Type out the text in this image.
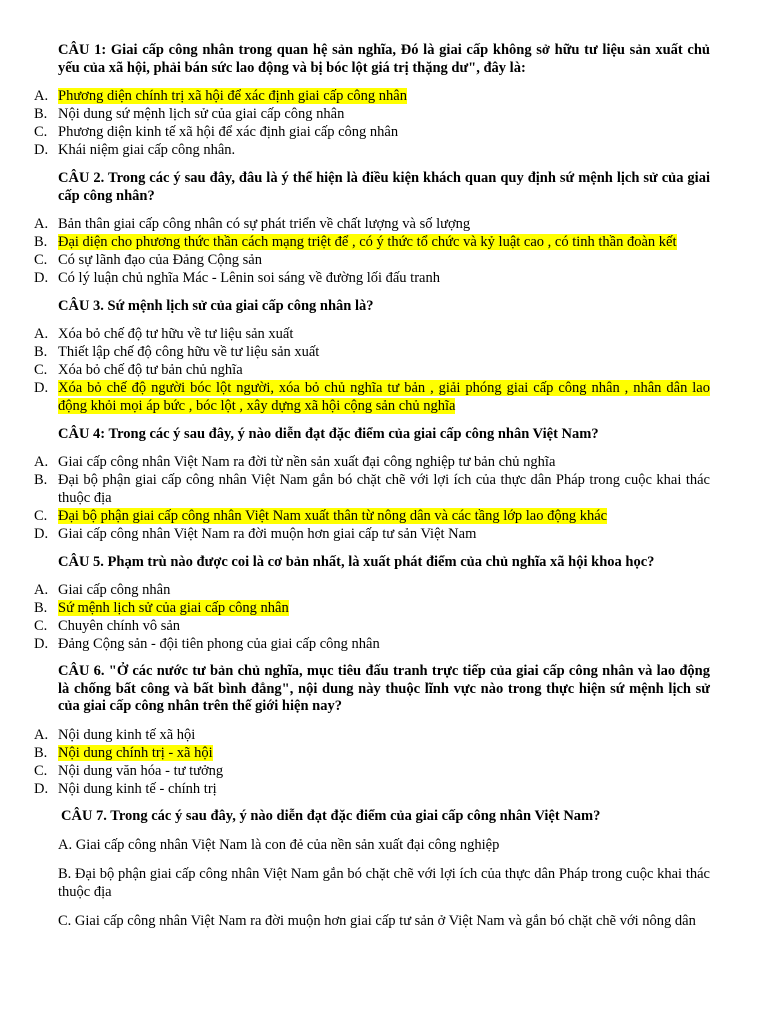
CÂU 1: Giai cấp công nhân trong quan hệ sản nghĩa, Đó là giai cấp không sở hữu tư liệu sản xuất chủ yếu của xã hội, phải bán sức lao động và bị bóc lột giá trị thặng dư", đây là:
A. Phương diện chính trị xã hội để xác định giai cấp công nhân
B. Nội dung sứ mệnh lịch sử của giai cấp công nhân
C. Phương diện kinh tế xã hội để xác định giai cấp công nhân
D. Khái niệm giai cấp công nhân.
CÂU 2. Trong các ý sau đây, đâu là ý thể hiện là điều kiện khách quan quy định sứ mệnh lịch sử của giai cấp công nhân?
A. Bản thân giai cấp công nhân có sự phát triển về chất lượng và số lượng
B. Đại diện cho phương thức thần cách mạng triệt để , có ý thức tổ chức và kỷ luật cao , có tinh thần đoàn kết
C. Có sự lãnh đạo của Đảng Cộng sản
D. Có lý luận chủ nghĩa Mác - Lênin soi sáng về đường lối đấu tranh
CÂU 3. Sứ mệnh lịch sử của giai cấp công nhân là?
A. Xóa bỏ chế độ tư hữu về tư liệu sản xuất
B. Thiết lập chế độ công hữu về tư liệu sản xuất
C. Xóa bỏ chế độ tư bản chủ nghĩa
D. Xóa bỏ chế độ người bóc lột người, xóa bỏ chủ nghĩa tư bản , giải phóng giai cấp công nhân , nhân dân lao động khỏi mọi áp bức , bóc lột , xây dựng xã hội cộng sản chủ nghĩa
CÂU 4: Trong các ý sau đây, ý nào diễn đạt đặc điểm của giai cấp công nhân Việt Nam?
A. Giai cấp công nhân Việt Nam ra đời từ nền sản xuất đại công nghiệp tư bản chủ nghĩa
B. Đại bộ phận giai cấp công nhân Việt Nam gắn bó chặt chẽ với lợi ích của thực dân Pháp trong cuộc khai thác thuộc địa
C. Đại bộ phận giai cấp công nhân Việt Nam xuất thân từ nông dân và các tầng lớp lao động khác
D. Giai cấp công nhân Việt Nam ra đời muộn hơn giai cấp tư sản Việt Nam
CÂU 5. Phạm trù nào được coi là cơ bản nhất, là xuất phát điểm của chủ nghĩa xã hội khoa học?
A. Giai cấp công nhân
B. Sứ mệnh lịch sử của giai cấp công nhân
C. Chuyên chính vô sản
D. Đảng Cộng sản - đội tiên phong của giai cấp công nhân
CÂU 6. "Ở các nước tư bản chủ nghĩa, mục tiêu đấu tranh trực tiếp của giai cấp công nhân và lao động là chống bất công và bất bình đẳng", nội dung này thuộc lĩnh vực nào trong thực hiện sứ mệnh lịch sử của giai cấp công nhân trên thế giới hiện nay?
A. Nội dung kinh tế xã hội
B. Nội dung chính trị - xã hội
C. Nội dung văn hóa - tư tưởng
D. Nội dung kinh tế - chính trị
CÂU 7. Trong các ý sau đây, ý nào diễn đạt đặc điểm của giai cấp công nhân Việt Nam?
A. Giai cấp công nhân Việt Nam là con đẻ của nền sản xuất đại công nghiệp
B. Đại bộ phận giai cấp công nhân Việt Nam gắn bó chặt chẽ với lợi ích của thực dân Pháp trong cuộc khai thác thuộc địa
C. Giai cấp công nhân Việt Nam ra đời muộn hơn giai cấp tư sản ở Việt Nam và gắn bó chặt chẽ với nông dân
